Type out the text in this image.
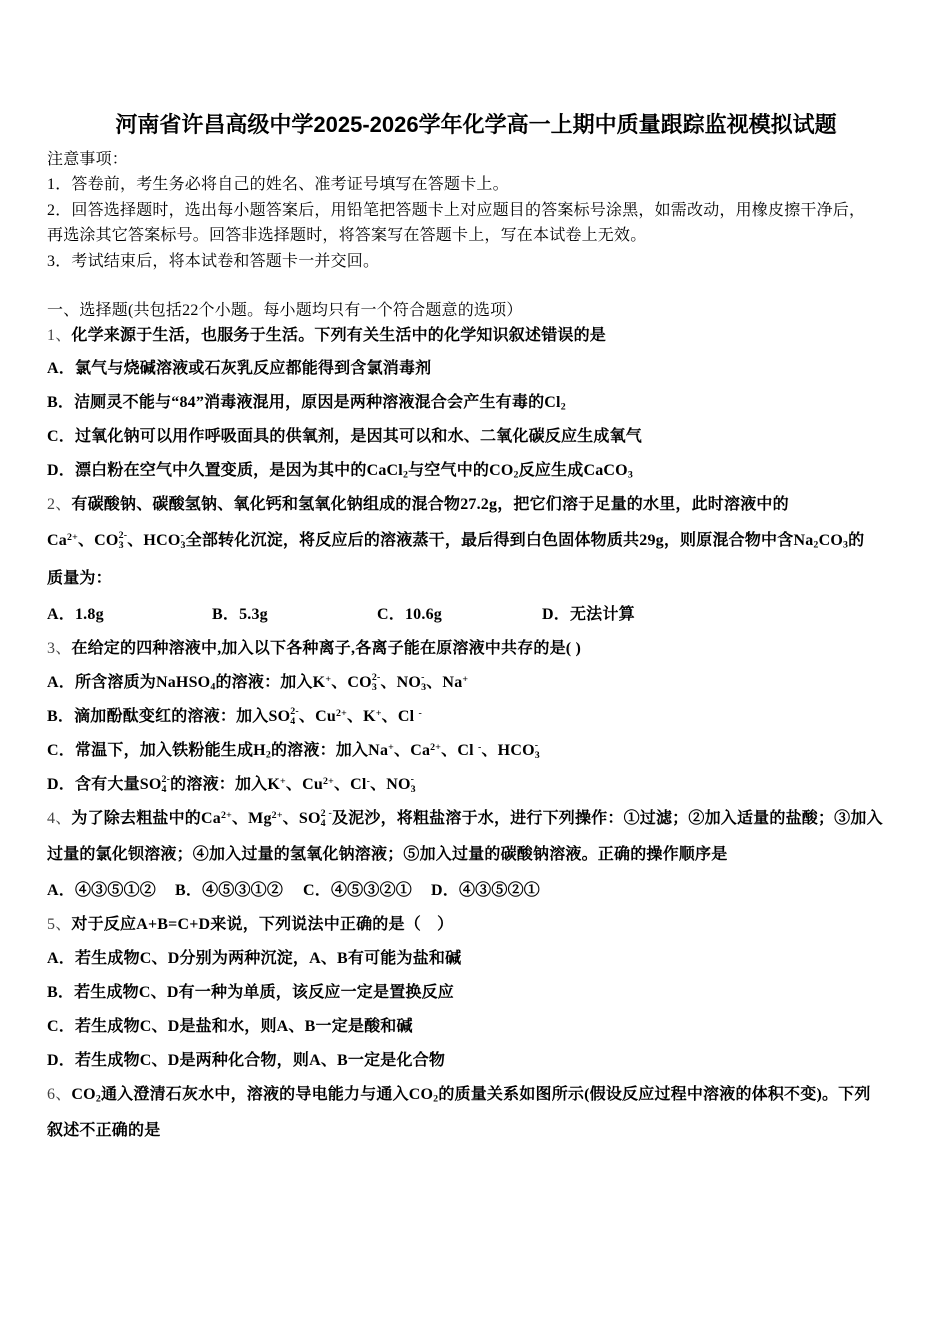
河南省许昌高级中学2025-2026学年化学高一上期中质量跟踪监视模拟试题
注意事项：
1．答卷前，考生务必将自己的姓名、准考证号填写在答题卡上。
2．回答选择题时，选出每小题答案后，用铅笔把答题卡上对应题目的答案标号涂黑，如需改动，用橡皮擦干净后，
再选涂其它答案标号。回答非选择题时，将答案写在答题卡上，写在本试卷上无效。
3．考试结束后，将本试卷和答题卡一并交回。
一、选择题(共包括22个小题。每小题均只有一个符合题意的选项）
1、化学来源于生活，也服务于生活。下列有关生活中的化学知识叙述错误的是
A．氯气与烧碱溶液或石灰乳反应都能得到含氯消毒剂
B．洁厕灵不能与“84”消毒液混用，原因是两种溶液混合会产生有毒的$Cl_2$
C．过氧化钠可以用作呼吸面具的供氧剂，是因其可以和水、二氧化碳反应生成氧气
D．漂白粉在空气中久置变质，是因为其中的CaCl$_2$与空气中的$CO_2$反应生成CaCO$_3$
2、有碳酸钠、碳酸氢钠、氧化钙和氢氧化钠组成的混合物27.2g，把它们溶于足量的水里，此时溶液中的
$Ca^{2+}$、CO 2-
3 、HCO -
3 全部转化沉淀，将反应后的溶液蒸干，最后得到白色固体物质共29g，则原混合物中含$Na_2CO_3$的
质量为：
A．1.8g	B．5.3g	C．10.6g	D．无法计算
3、在给定的四种溶液中,加入以下各种离子,各离子能在原溶液中共存的是( )
A．所含溶质为NaHSO$_4$的溶液：加入K+、CO 2-
3 、NO -
3 、Na+
B．滴加酚酞变红的溶液：加入SO 2-
4 、$Cu^{2+}$、K+、Cl -
C．常温下，加入铁粉能生成$H_2$的溶液：加入Na+、$Ca^{2+}$、Cl -、HCO -
3
D．含有大量SO 2-
4 的溶液：加入K+、$Cu^{2+}$、Cl-、NO -
3
4、为了除去粗盐中的$Ca^{2+}$、$Mg^{2+}$、SO 2 -
4 及泥沙，将粗盐溶于水，进行下列操作：①过滤；②加入适量的盐酸；③加入
过量的氯化钡溶液；④加入过量的氢氧化钠溶液；⑤加入过量的碳酸钠溶液。正确的操作顺序是
A．④③⑤①② B．④⑤③①② C．④⑤③②① D．④③⑤②①
5、对于反应A+B=C+D来说，下列说法中正确的是（　）
A．若生成物C、D分别为两种沉淀，A、B有可能为盐和碱
B．若生成物C、D有一种为单质，该反应一定是置换反应
C．若生成物C、D是盐和水，则A、B一定是酸和碱
D．若生成物C、D是两种化合物，则A、B一定是化合物
6、$CO_2$通入澄清石灰水中，溶液的导电能力与通入$CO_2$的质量关系如图所示(假设反应过程中溶液的体积不变)。下列
叙述不正确的是
